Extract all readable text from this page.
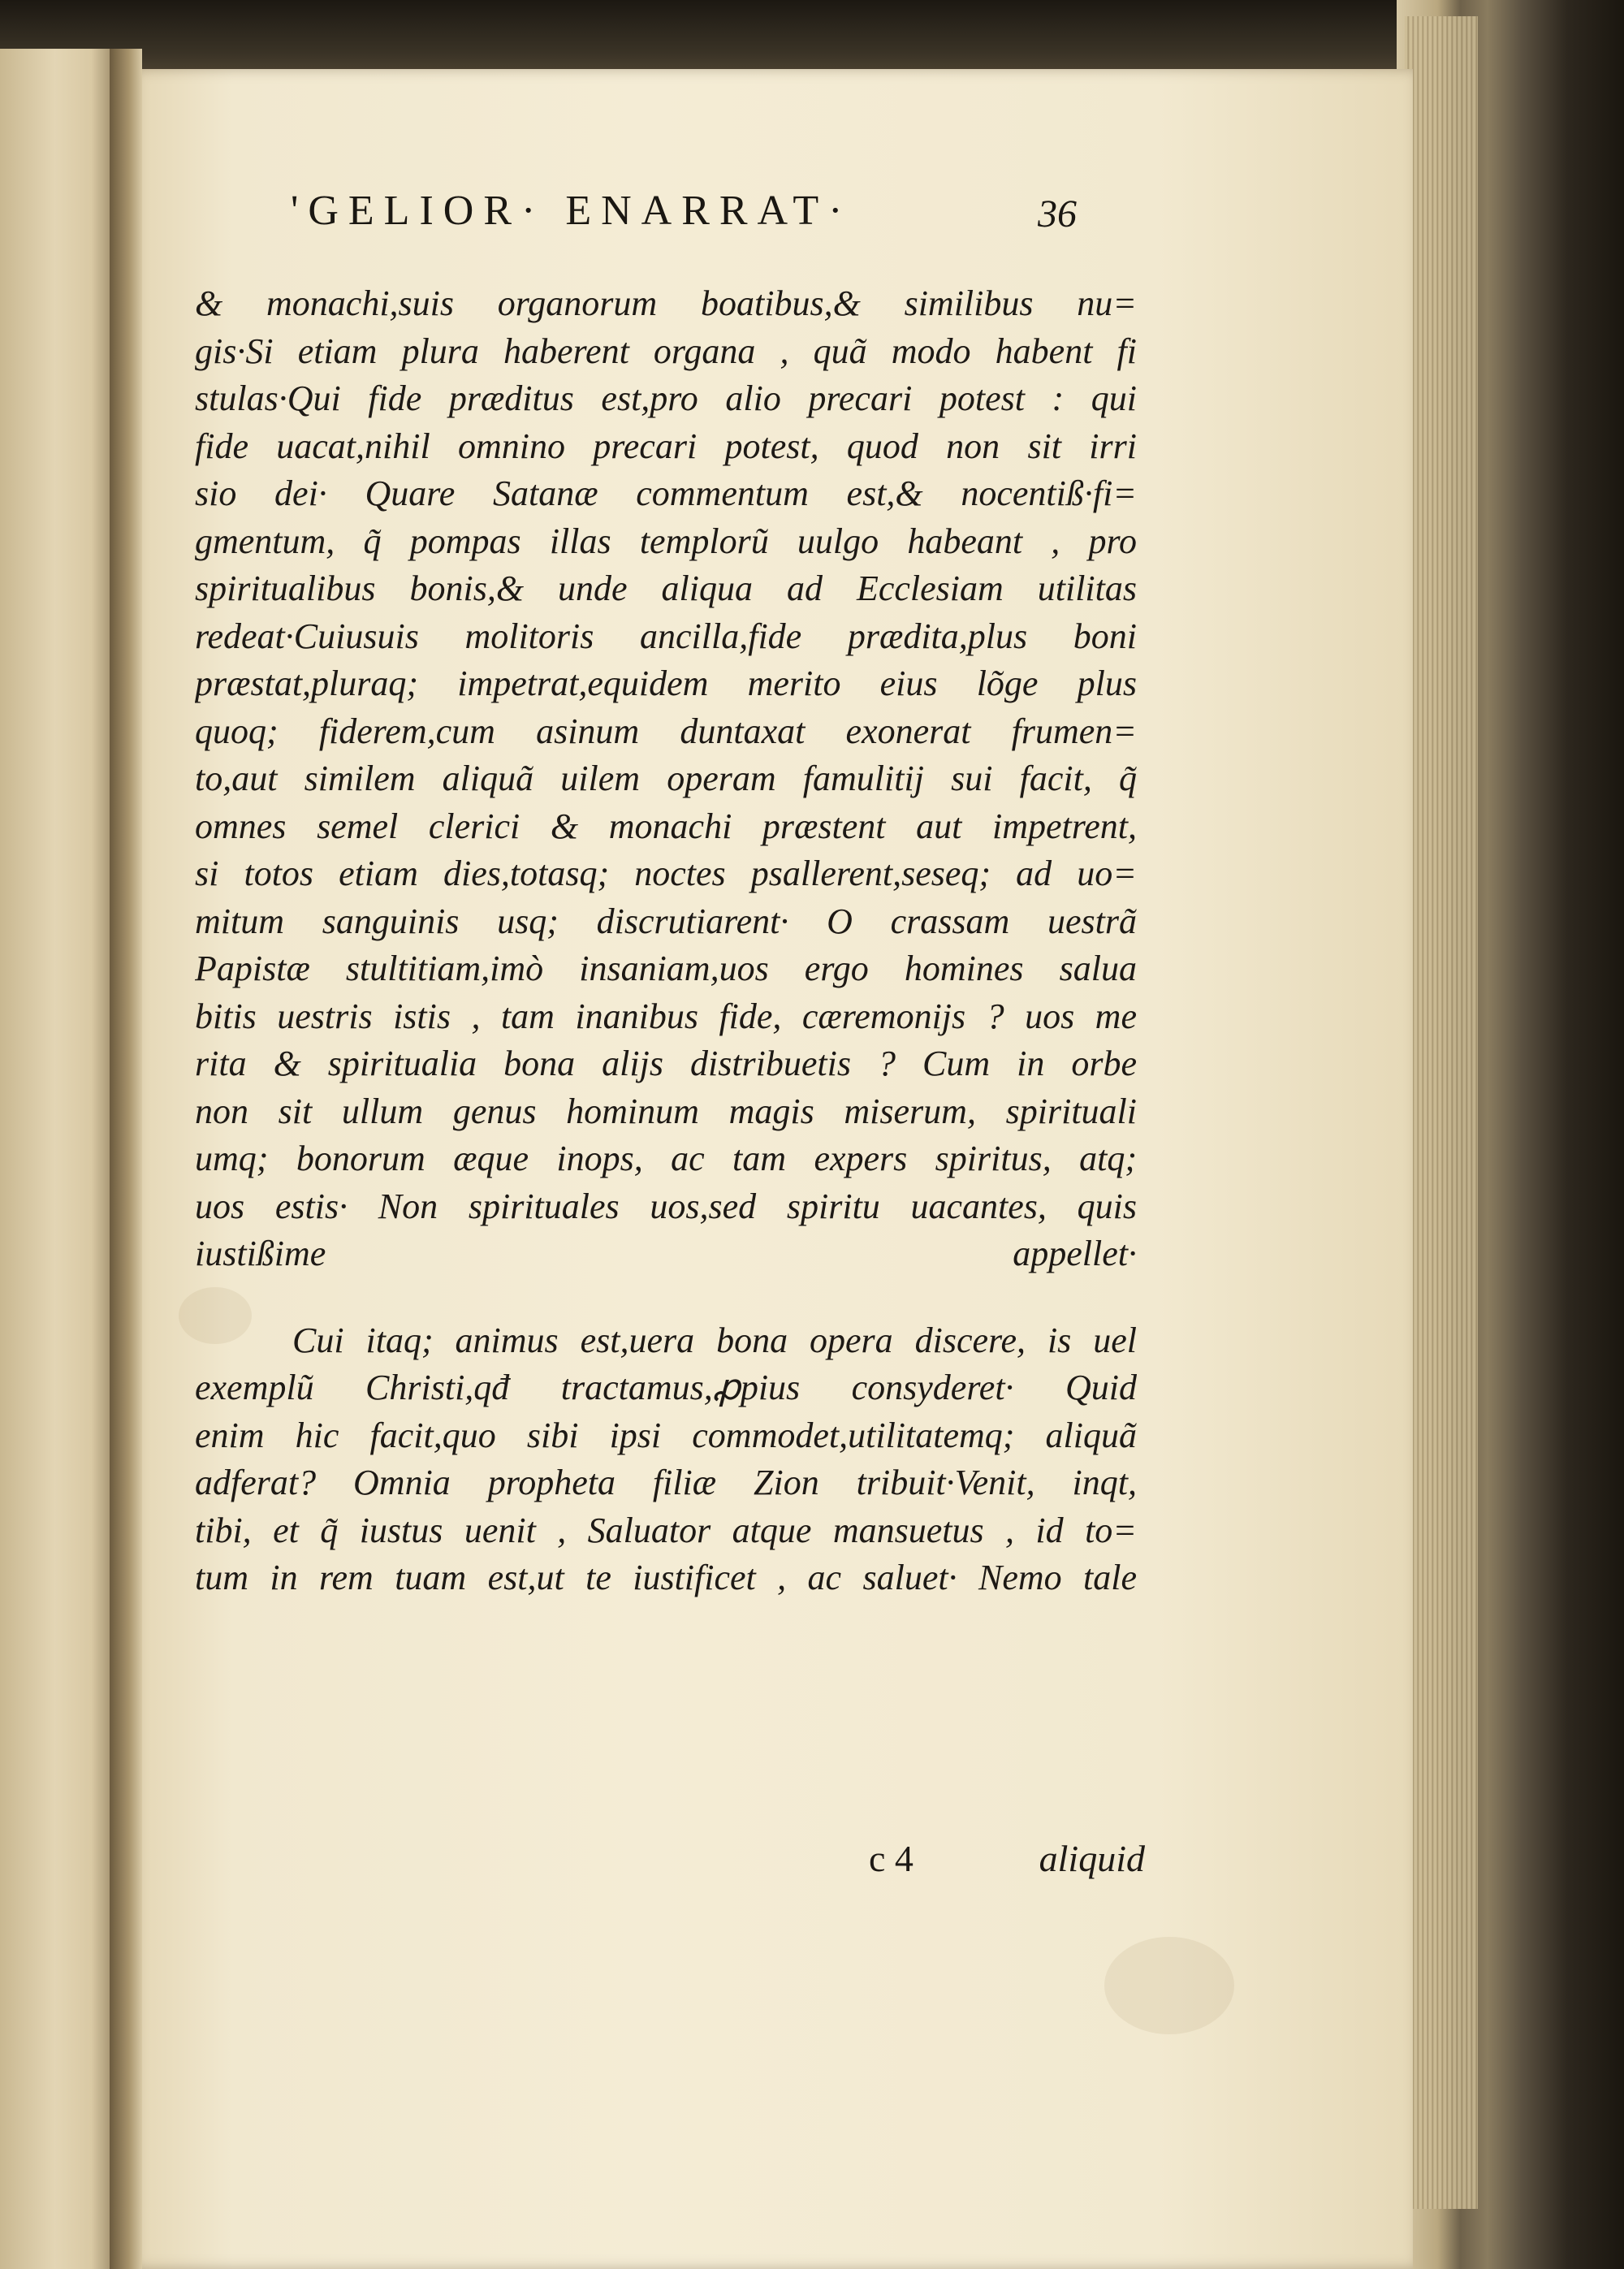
'GELIOR· ENARRAT·	36
& monachi,suis organorum boatibus,& similibus nu=
gis·Si etiam plura haberent organa , quã modo habent fi
stulas·Qui fide præditus est,pro alio precari potest : qui
fide uacat,nihil omnino precari potest, quod non sit irri
sio dei· Quare Satanæ commentum est,& nocentiß·fi=
gmentum, q̃ pompas illas templorũ uulgo habeant , pro
spiritualibus bonis,& unde aliqua ad Ecclesiam utilitas
redeat·Cuiusuis molitoris ancilla,fide prædita,plus boni
præstat,pluraq; impetrat,equidem merito eius lõge plus
quoq; fiderem,cum asinum duntaxat exonerat frumen=
to,aut similem aliquã uilem operam famulitij sui facit, q̃
omnes semel clerici & monachi præstent aut impetrent,
si totos etiam dies,totasq; noctes psallerent,seseq; ad uo=
mitum sanguinis usq; discrutiarent· O crassam uestrã
Papistæ stultitiam,imò insaniam,uos ergo homines salua
bitis uestris istis , tam inanibus fide, cæremonijs ? uos me
rita & spiritualia bona alijs distribuetis ? Cum in orbe
non sit ullum genus hominum magis miserum, spirituali
umq; bonorum æque inops, ac tam expers spiritus, atq;
uos estis· Non spirituales uos,sed spiritu uacantes, quis
iustißime appellet·
Cui itaq; animus est,uera bona opera discere, is uel
exemplũ Christi,qđ tractamus,ꝓpius consyderet· Quid
enim hic facit,quo sibi ipsi commodet,utilitatemq; aliquã
adferat? Omnia propheta filiæ Zion tribuit·Venit, inqt,
tibi, et q̃ iustus uenit , Saluator atque mansuetus , id to=
tum in rem tuam est,ut te iustificet , ac saluet· Nemo tale
c 4	aliquid
